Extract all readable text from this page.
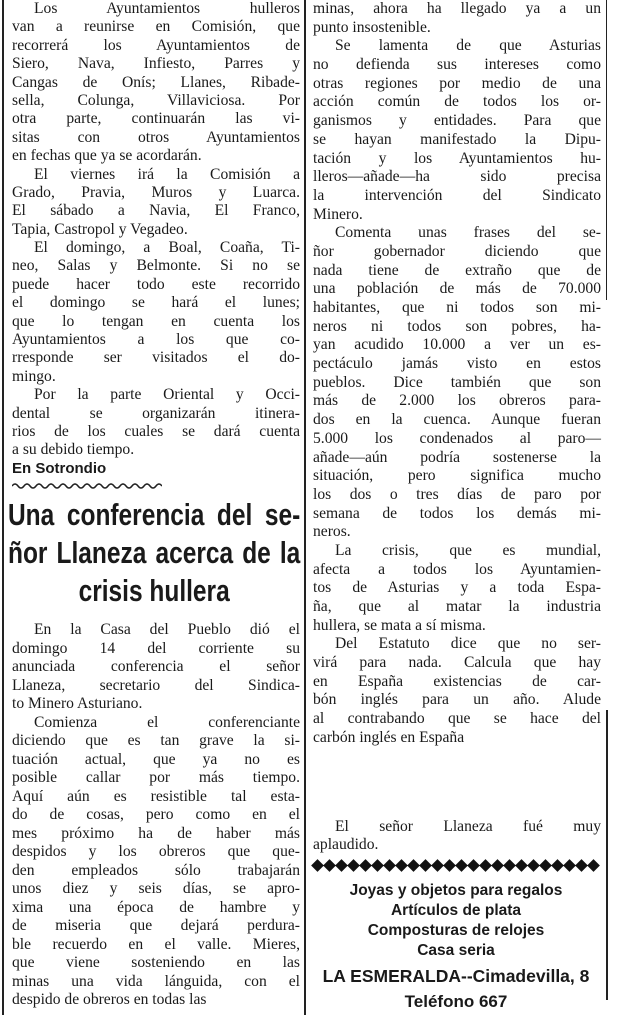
Los Ayuntamientos hulleros
van a reunirse en Comisión, que
recorrerá los Ayuntamientos de
Siero, Nava, Infiesto, Parres y
Cangas de Onís; Llanes, Ribade-
sella, Colunga, Villaviciosa. Por
otra parte, continuarán las vi-
sitas con otros Ayuntamientos
en fechas que ya se acordarán.
El viernes irá la Comisión a
Grado, Pravia, Muros y Luarca.
El sábado a Navia, El Franco,
Tapia, Castropol y Vegadeo.
El domingo, a Boal, Coaña, Ti-
neo, Salas y Belmonte. Si no se
puede hacer todo este recorrido
el domingo se hará el lunes;
que lo tengan en cuenta los
Ayuntamientos a los que co-
rresponde ser visitados el do-
mingo.
Por la parte Oriental y Occi-
dental se organizarán itinera-
rios de los cuales se dará cuenta
a su debido tiempo.
En Sotrondio
Una conferencia del se-
ñor Llaneza acerca de la
crisis hullera
En la Casa del Pueblo dió el
domingo 14 del corriente su
anunciada conferencia el señor
Llaneza, secretario del Sindica-
to Minero Asturiano.
Comienza el conferenciante
diciendo que es tan grave la si-
tuación actual, que ya no es
posible callar por más tiempo.
Aquí aún es resistible tal esta-
do de cosas, pero como en el
mes próximo ha de haber más
despidos y los obreros que que-
den empleados sólo trabajarán
unos diez y seis días, se apro-
xima una época de hambre y
de miseria que dejará perdura-
ble recuerdo en el valle. Mieres,
que viene sosteniendo en las
minas una vida lánguida, con el
despido de obreros en todas las
minas, ahora ha llegado ya a un
punto insostenible.
Se lamenta de que Asturias
no defienda sus intereses como
otras regiones por medio de una
acción común de todos los or-
ganismos y entidades. Para que
se hayan manifestado la Dipu-
tación y los Ayuntamientos hu-
lleros—añade—ha sido precisa
la intervención del Sindicato
Minero.
Comenta unas frases del se-
ñor gobernador diciendo que
nada tiene de extraño que de
una población de más de 70.000
habitantes, que ni todos son mi-
neros ni todos son pobres, ha-
yan acudido 10.000 a ver un es-
pectáculo jamás visto en estos
pueblos. Dice también que son
más de 2.000 los obreros para-
dos en la cuenca. Aunque fueran
5.000 los condenados al paro—
añade—aún podría sostenerse la
situación, pero significa mucho
los dos o tres días de paro por
semana de todos los demás mi-
neros.
La crisis, que es mundial,
afecta a todos los Ayuntamien-
tos de Asturias y a toda Espa-
ña, que al matar la industria
hullera, se mata a sí misma.
Del Estatuto dice que no ser-
virá para nada. Calcula que hay
en España existencias de car-
bón inglés para un año. Alude
al contrabando que se hace del
carbón inglés en España
El señor Llaneza fué muy
aplaudido.
Joyas y objetos para regalos
Artículos de plata
Composturas de relojes
Casa seria
LA ESMERALDA--Cimadevilla, 8
Teléfono 667
